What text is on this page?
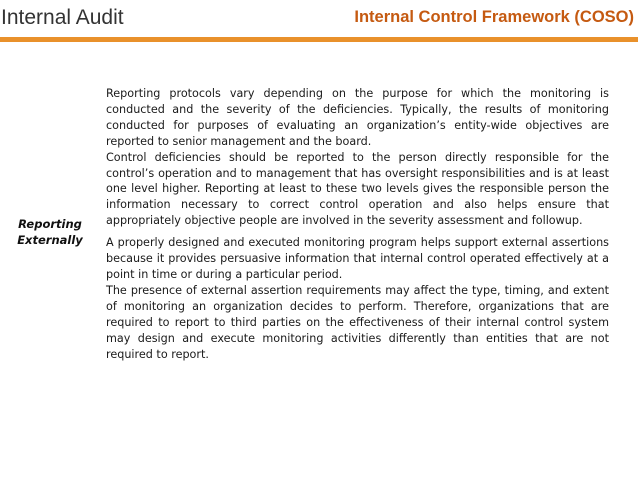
Internal Audit	Internal Control Framework (COSO)
Reporting
Externally

Reporting protocols vary depending on the purpose for which the monitoring is conducted and the severity of the deficiencies. Typically, the results of monitoring conducted for purposes of evaluating an organization’s entity-wide objectives are reported to senior management and the board.

Control deficiencies should be reported to the person directly responsible for the control’s operation and to management that has oversight responsibilities and is at least one level higher. Reporting at least to these two levels gives the responsible person the information necessary to correct control operation and also helps ensure that appropriately objective people are involved in the severity assessment and followup.

A properly designed and executed monitoring program helps support external assertions because it provides persuasive information that internal control operated effectively at a point in time or during a particular period.

The presence of external assertion requirements may affect the type, timing, and extent of monitoring an organization decides to perform. Therefore, organizations that are required to report to third parties on the effectiveness of their internal control system may design and execute monitoring activities differently than entities that are not required to report.
